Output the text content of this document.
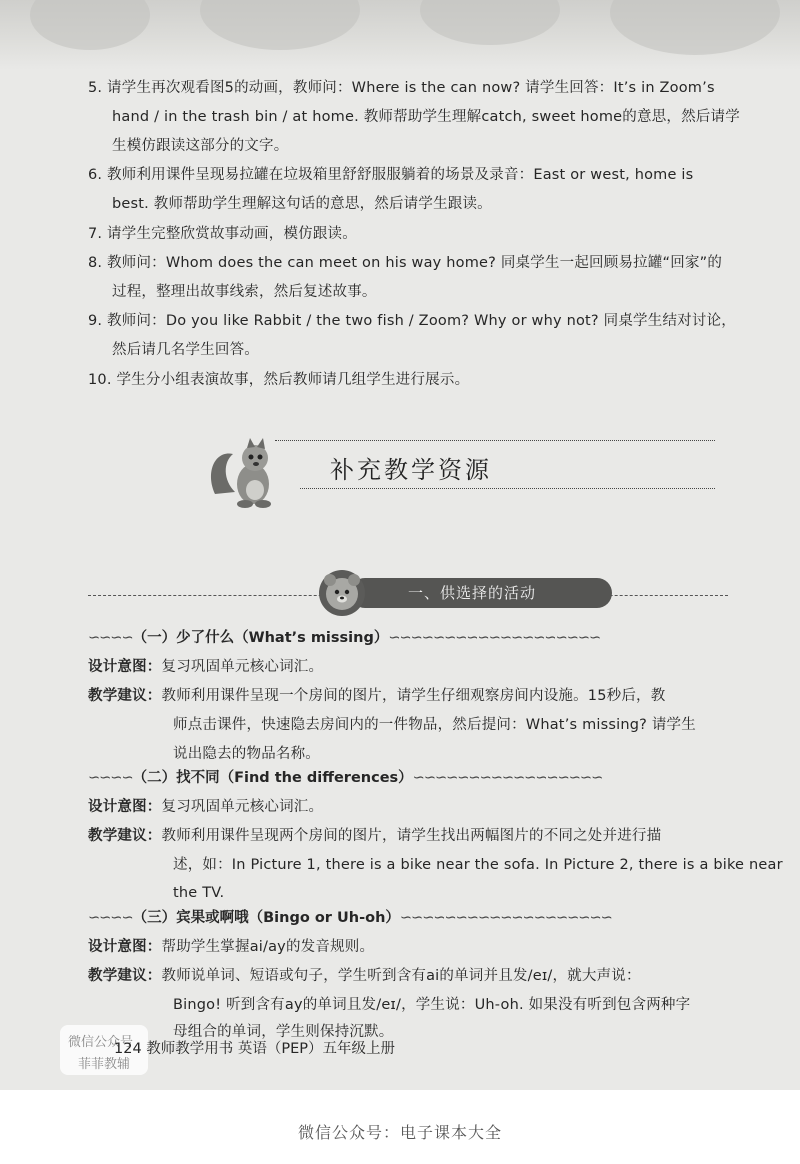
5. 请学生再次观看图5的动画，教师问：Where is the can now? 请学生回答：It’s in Zoom’s
hand / in the trash bin / at home. 教师帮助学生理解catch, sweet home的意思，然后请学
生模仿跟读这部分的文字。
6. 教师利用课件呈现易拉罐在垃圾箱里舒舒服服躺着的场景及录音：East or west, home is
best. 教师帮助学生理解这句话的意思，然后请学生跟读。
7. 请学生完整欣赏故事动画，模仿跟读。
8. 教师问：Whom does the can meet on his way home? 同桌学生一起回顾易拉罐“回家”的
过程，整理出故事线索，然后复述故事。
9. 教师问：Do you like Rabbit / the two fish / Zoom? Why or why not? 同桌学生结对讨论，
然后请几名学生回答。
10. 学生分小组表演故事，然后教师请几组学生进行展示。
补充教学资源
一、供选择的活动
∽∽∽∽（一）少了什么（What’s missing）∽∽∽∽∽∽∽∽∽∽∽∽∽∽∽∽∽∽∽
设计意图：复习巩固单元核心词汇。
教学建议：教师利用课件呈现一个房间的图片，请学生仔细观察房间内设施。15秒后，教
师点击课件，快速隐去房间内的一件物品，然后提问：What’s missing? 请学生
说出隐去的物品名称。
∽∽∽∽（二）找不同（Find the differences）∽∽∽∽∽∽∽∽∽∽∽∽∽∽∽∽∽
设计意图：复习巩固单元核心词汇。
教学建议：教师利用课件呈现两个房间的图片，请学生找出两幅图片的不同之处并进行描
述，如：In Picture 1, there is a bike near the sofa. In Picture 2, there is a bike near
the TV.
∽∽∽∽（三）宾果或啊哦（Bingo or Uh-oh）∽∽∽∽∽∽∽∽∽∽∽∽∽∽∽∽∽∽∽
设计意图：帮助学生掌握ai/ay的发音规则。
教学建议：教师说单词、短语或句子，学生听到含有ai的单词并且发/eɪ/，就大声说：
Bingo! 听到含有ay的单词且发/eɪ/，学生说：Uh-oh. 如果没有听到包含两种字
母组合的单词，学生则保持沉默。
微信公众号
菲菲教辅
124 教师教学用书 英语（PEP）五年级上册
微信公众号：电子课本大全
